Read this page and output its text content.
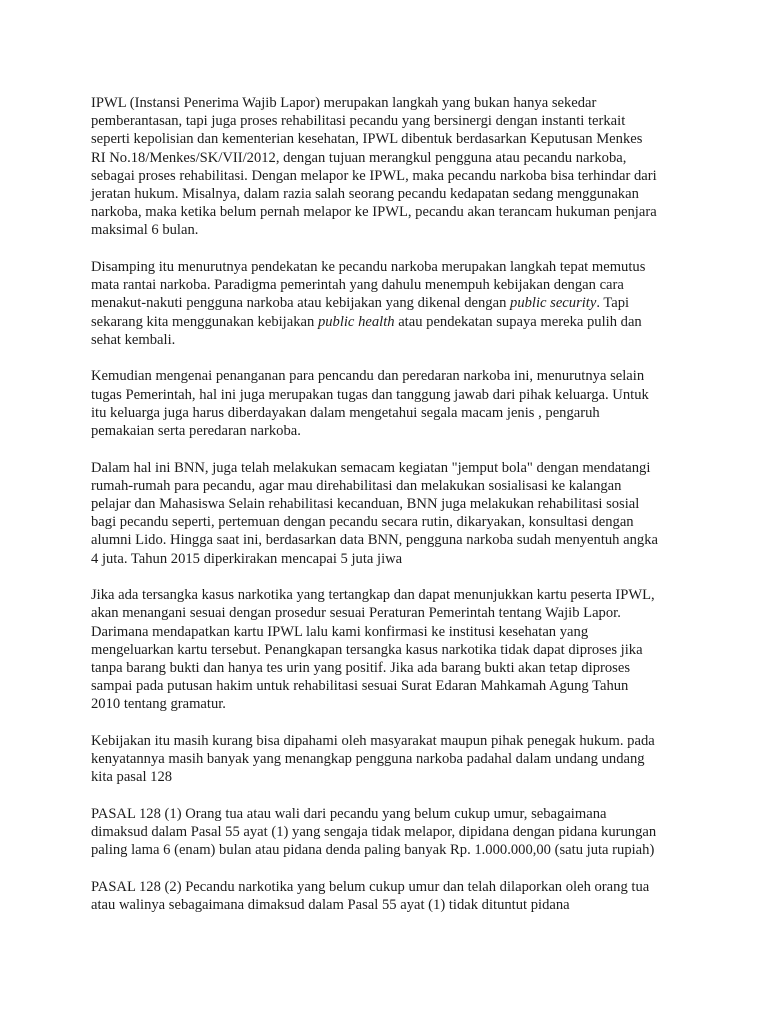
IPWL (Instansi Penerima Wajib Lapor) merupakan langkah yang bukan hanya sekedar
pemberantasan, tapi juga proses rehabilitasi pecandu yang bersinergi dengan instanti terkait
seperti kepolisian dan kementerian kesehatan, IPWL dibentuk berdasarkan Keputusan Menkes
RI No.18/Menkes/SK/VII/2012, dengan tujuan merangkul pengguna atau pecandu narkoba,
sebagai proses rehabilitasi. Dengan melapor ke IPWL, maka pecandu narkoba bisa terhindar dari
jeratan hukum. Misalnya, dalam razia salah seorang pecandu kedapatan sedang menggunakan
narkoba, maka ketika belum pernah melapor ke IPWL, pecandu akan terancam hukuman penjara
maksimal 6 bulan.

Disamping itu menurutnya pendekatan ke pecandu narkoba merupakan langkah tepat memutus
mata rantai narkoba. Paradigma pemerintah yang dahulu menempuh kebijakan dengan cara
menakut-nakuti pengguna narkoba atau kebijakan yang dikenal dengan public security. Tapi
sekarang kita menggunakan kebijakan public health atau pendekatan supaya mereka pulih dan
sehat kembali.

Kemudian mengenai penanganan para pencandu dan peredaran narkoba ini, menurutnya selain
tugas Pemerintah, hal ini juga merupakan tugas dan tanggung jawab dari pihak keluarga. Untuk
itu keluarga juga harus diberdayakan dalam mengetahui segala macam jenis , pengaruh
pemakaian serta peredaran narkoba.

Dalam hal ini BNN, juga telah melakukan semacam kegiatan "jemput bola" dengan mendatangi
rumah-rumah para pecandu, agar mau direhabilitasi dan melakukan sosialisasi ke kalangan
pelajar dan Mahasiswa Selain rehabilitasi kecanduan, BNN juga melakukan rehabilitasi sosial
bagi pecandu seperti, pertemuan dengan pecandu secara rutin, dikaryakan, konsultasi dengan
alumni Lido. Hingga saat ini, berdasarkan data BNN, pengguna narkoba sudah menyentuh angka
4 juta. Tahun 2015 diperkirakan mencapai 5 juta jiwa

Jika ada tersangka kasus narkotika yang tertangkap dan dapat menunjukkan kartu peserta IPWL,
akan menangani sesuai dengan prosedur sesuai Peraturan Pemerintah tentang Wajib Lapor.
Darimana mendapatkan kartu IPWL lalu kami konfirmasi ke institusi kesehatan yang
mengeluarkan kartu tersebut. Penangkapan tersangka kasus narkotika tidak dapat diproses jika
tanpa barang bukti dan hanya tes urin yang positif. Jika ada barang bukti akan tetap diproses
sampai pada putusan hakim untuk rehabilitasi sesuai Surat Edaran Mahkamah Agung Tahun
2010 tentang gramatur.

Kebijakan itu masih kurang bisa dipahami oleh masyarakat maupun pihak penegak hukum. pada
kenyatannya masih banyak yang menangkap pengguna narkoba padahal dalam undang undang
kita pasal 128

PASAL 128 (1) Orang tua atau wali dari pecandu yang belum cukup umur, sebagaimana
dimaksud dalam Pasal 55 ayat (1) yang sengaja tidak melapor, dipidana dengan pidana kurungan
paling lama 6 (enam) bulan atau pidana denda paling banyak Rp. 1.000.000,00 (satu juta rupiah)

PASAL 128 (2) Pecandu narkotika yang belum cukup umur dan telah dilaporkan oleh orang tua
atau walinya sebagaimana dimaksud dalam Pasal 55 ayat (1) tidak dituntut pidana
